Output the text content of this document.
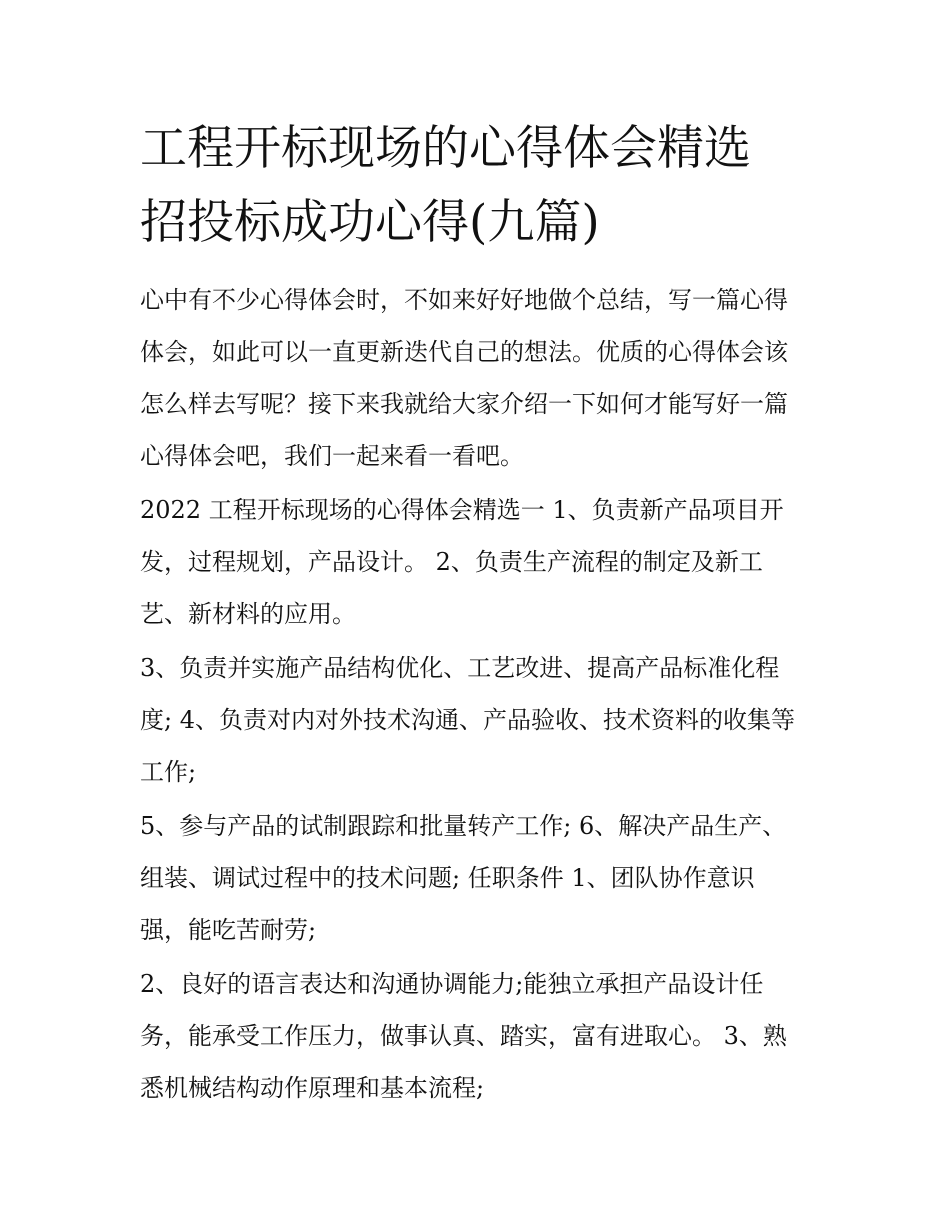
工程开标现场的心得体会精选
招投标成功心得(九篇)

心中有不少心得体会时，不如来好好地做个总结，写一篇心得
体会，如此可以一直更新迭代自己的想法。优质的心得体会该
怎么样去写呢？接下来我就给大家介绍一下如何才能写好一篇
心得体会吧，我们一起来看一看吧。

2022 工程开标现场的心得体会精选一 1、负责新产品项目开
发，过程规划，产品设计。 2、负责生产流程的制定及新工
艺、新材料的应用。

3、负责并实施产品结构优化、工艺改进、提高产品标准化程
度; 4、负责对内对外技术沟通、产品验收、技术资料的收集等
工作;

5、参与产品的试制跟踪和批量转产工作; 6、解决产品生产、
组装、调试过程中的技术问题; 任职条件 1、团队协作意识
强，能吃苦耐劳;

2、良好的语言表达和沟通协调能力;能独立承担产品设计任
务，能承受工作压力，做事认真、踏实，富有进取心。 3、熟
悉机械结构动作原理和基本流程;
